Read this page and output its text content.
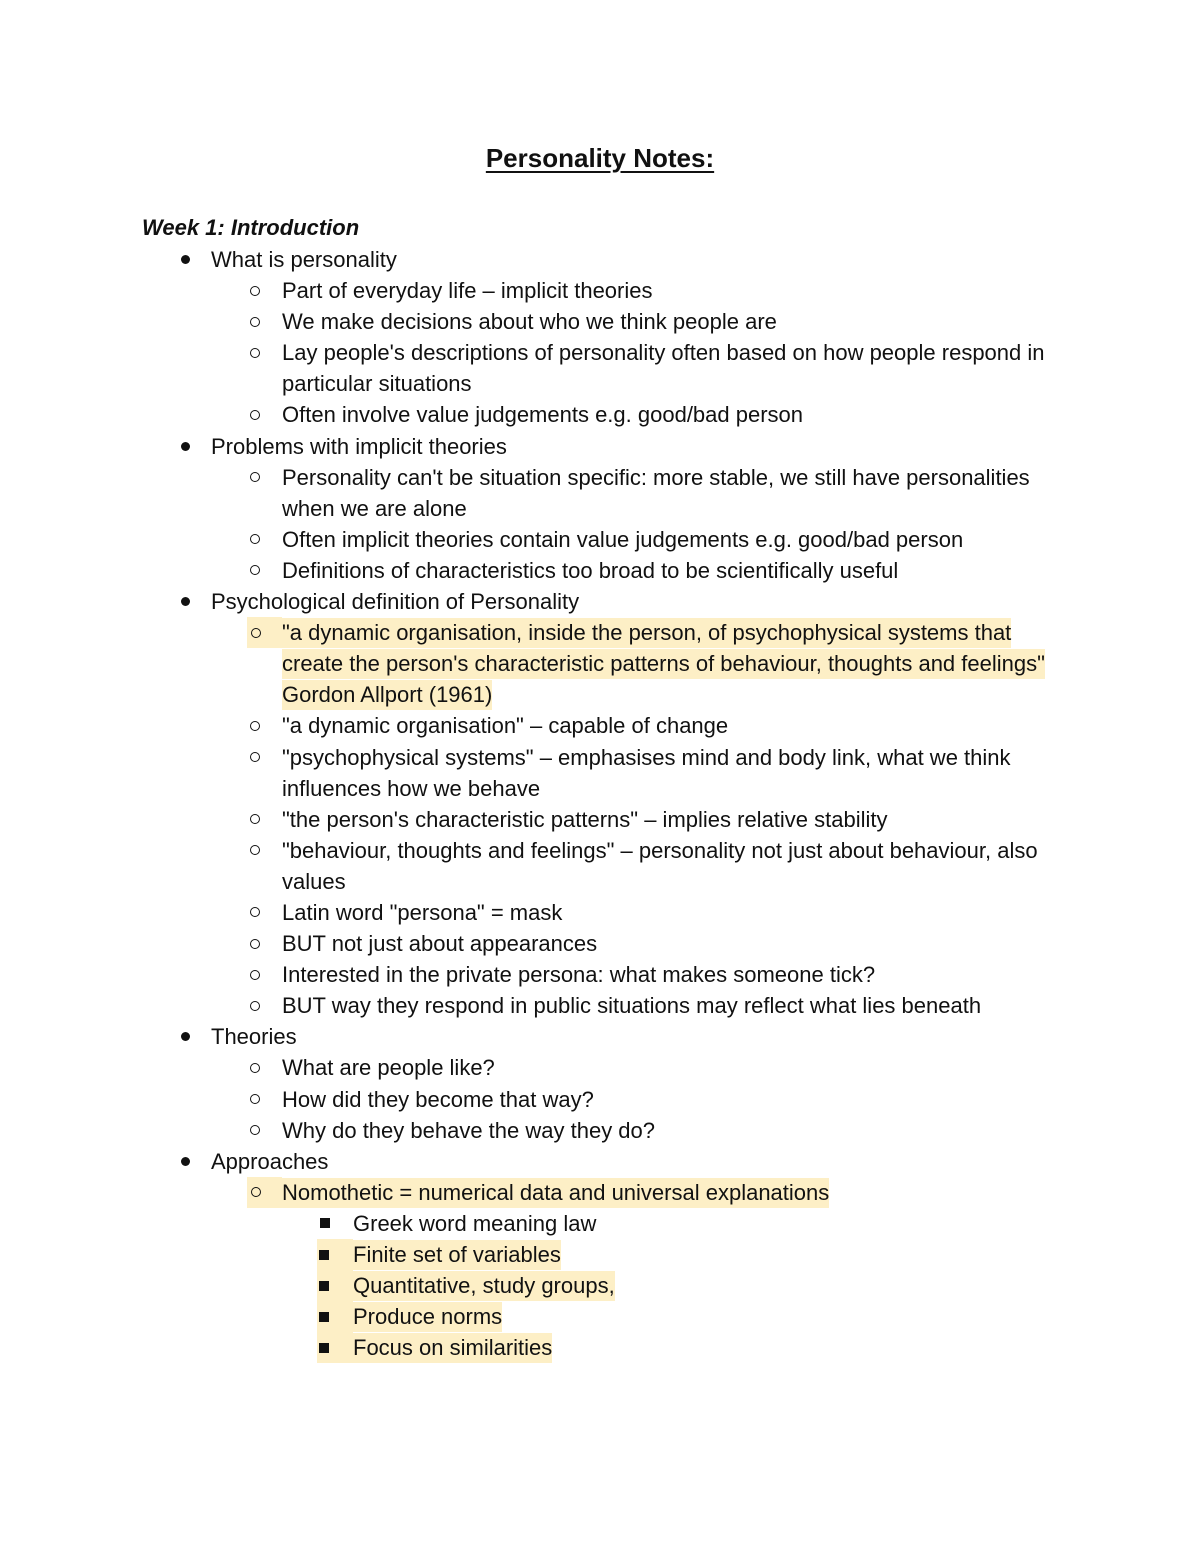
Personality Notes:
Week 1: Introduction
What is personality
Part of everyday life – implicit theories
We make decisions about who we think people are
Lay people's descriptions of personality often based on how people respond in particular situations
Often involve value judgements e.g. good/bad person
Problems with implicit theories
Personality can't be situation specific: more stable, we still have personalities when we are alone
Often implicit theories contain value judgements e.g. good/bad person
Definitions of characteristics too broad to be scientifically useful
Psychological definition of Personality
"a dynamic organisation, inside the person, of psychophysical systems that create the person's characteristic patterns of behaviour, thoughts and feelings" Gordon Allport (1961)
"a dynamic organisation" – capable of change
"psychophysical systems" – emphasises mind and body link, what we think influences how we behave
"the person's characteristic patterns" – implies relative stability
"behaviour, thoughts and feelings" – personality not just about behaviour, also values
Latin word "persona" = mask
BUT not just about appearances
Interested in the private persona: what makes someone tick?
BUT way they respond in public situations may reflect what lies beneath
Theories
What are people like?
How did they become that way?
Why do they behave the way they do?
Approaches
Nomothetic = numerical data and universal explanations
Greek word meaning law
Finite set of variables
Quantitative, study groups,
Produce norms
Focus on similarities
